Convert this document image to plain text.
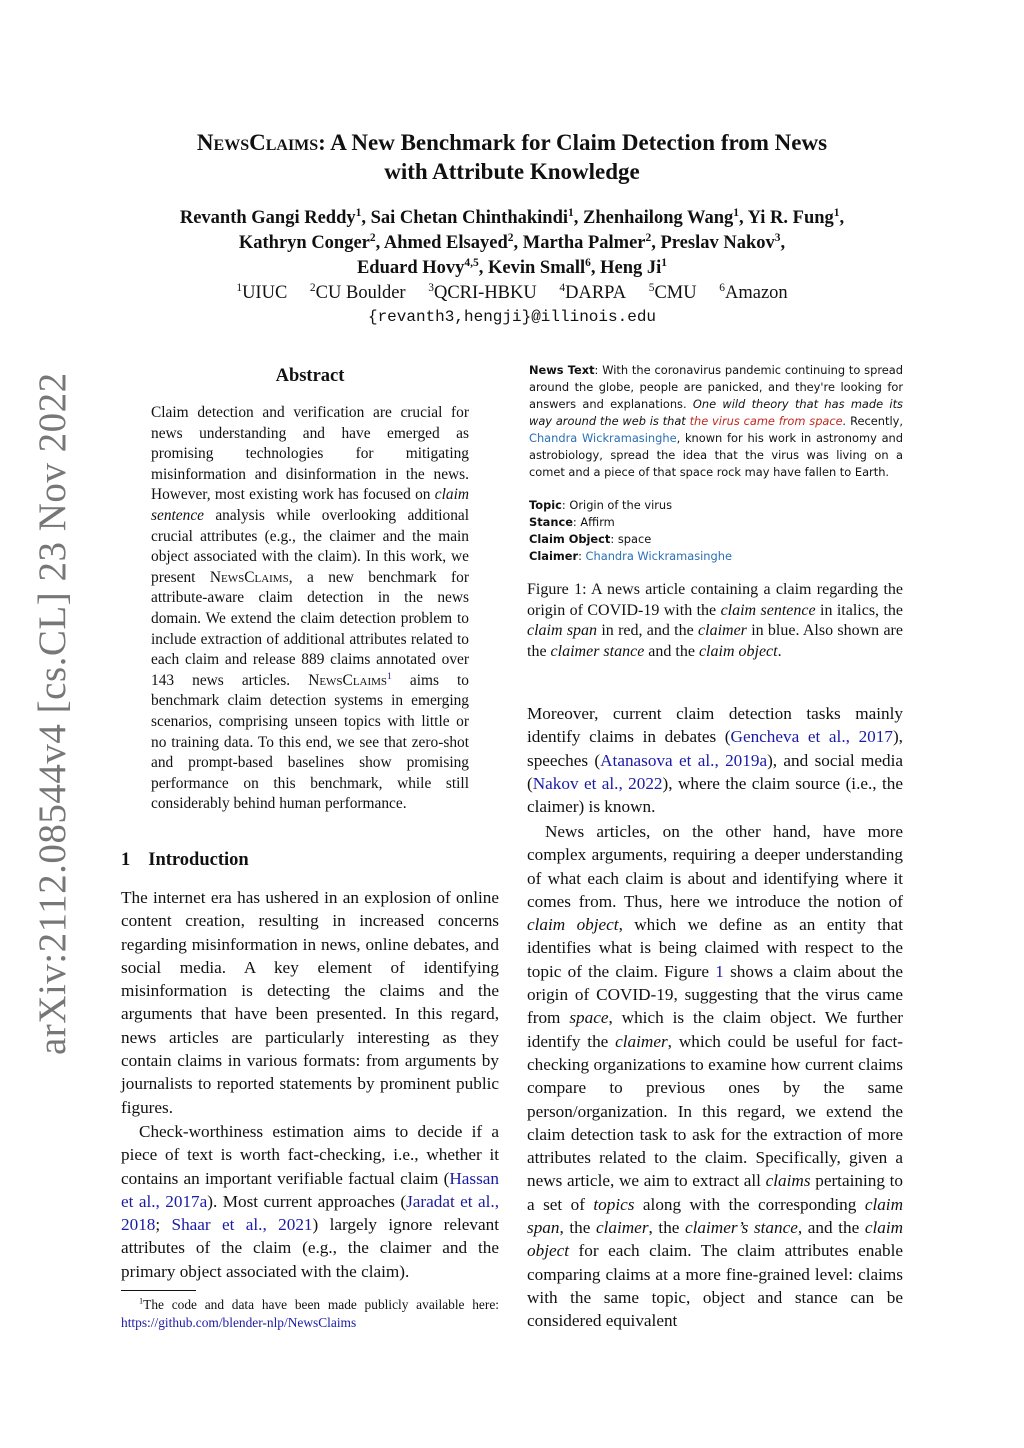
arXiv:2112.08544v4 [cs.CL] 23 Nov 2022
NewsClaims: A New Benchmark for Claim Detection from News
with Attribute Knowledge
Revanth Gangi Reddy$^1$, Sai Chetan Chinthakindi$^1$, Zhenhailong Wang$^1$, Yi R. Fung$^1$,
Kathryn Conger$^2$, Ahmed Elsayed$^2$, Martha Palmer$^2$, Preslav Nakov$^3$,
Eduard Hovy$^{4,5}$, Kevin Small$^6$, Heng Ji$^1$
$^1$UIUC $^2$CU Boulder $^3$QCRI-HBKU $^4$DARPA $^5$CMU $^6$Amazon
{revanth3,hengji}@illinois.edu
Abstract

Claim detection and verification are crucial for news understanding and have emerged as promising technologies for mitigating misinformation and disinformation in the news. However, most existing work has focused on claim sentence analysis while overlooking additional crucial attributes (e.g., the claimer and the main object associated with the claim). In this work, we present NewsClaims, a new benchmark for attribute-aware claim detection in the news domain. We extend the claim detection problem to include extraction of additional attributes related to each claim and release 889 claims annotated over 143 news articles. NewsClaims$^1$ aims to benchmark claim detection systems in emerging scenarios, comprising unseen topics with little or no training data. To this end, we see that zero-shot and prompt-based baselines show promising performance on this benchmark, while still considerably behind human performance.

1 Introduction

The internet era has ushered in an explosion of online content creation, resulting in increased concerns regarding misinformation in news, online debates, and social media. A key element of identifying misinformation is detecting the claims and the arguments that have been presented. In this regard, news articles are particularly interesting as they contain claims in various formats: from arguments by journalists to reported statements by prominent public figures.

Check-worthiness estimation aims to decide if a piece of text is worth fact-checking, i.e., whether it contains an important verifiable factual claim (Hassan et al., 2017a). Most current approaches (Jaradat et al., 2018; Shaar et al., 2021) largely ignore relevant attributes of the claim (e.g., the claimer and the primary object associated with the claim).

$^1$The code and data have been made publicly available here: https://github.com/blender-nlp/NewsClaims

News Text: With the coronavirus pandemic continuing to spread around the globe, people are panicked, and they're looking for answers and explanations. One wild theory that has made its way around the web is that the virus came from space. Recently, Chandra Wickramasinghe, known for his work in astronomy and astrobiology, spread the idea that the virus was living on a comet and a piece of that space rock may have fallen to Earth.

Topic: Origin of the virus
Stance: Affirm
Claim Object: space
Claimer: Chandra Wickramasinghe

Figure 1: A news article containing a claim regarding the origin of COVID-19 with the claim sentence in italics, the claim span in red, and the claimer in blue. Also shown are the claimer stance and the claim object.

Moreover, current claim detection tasks mainly identify claims in debates (Gencheva et al., 2017), speeches (Atanasova et al., 2019a), and social media (Nakov et al., 2022), where the claim source (i.e., the claimer) is known.

News articles, on the other hand, have more complex arguments, requiring a deeper understanding of what each claim is about and identifying where it comes from. Thus, here we introduce the notion of claim object, which we define as an entity that identifies what is being claimed with respect to the topic of the claim. Figure 1 shows a claim about the origin of COVID-19, suggesting that the virus came from space, which is the claim object. We further identify the claimer, which could be useful for fact-checking organizations to examine how current claims compare to previous ones by the same person/organization. In this regard, we extend the claim detection task to ask for the extraction of more attributes related to the claim. Specifically, given a news article, we aim to extract all claims pertaining to a set of topics along with the corresponding claim span, the claimer, the claimer’s stance, and the claim object for each claim. The claim attributes enable comparing claims at a more fine-grained level: claims with the same topic, object and stance can be considered equivalent
